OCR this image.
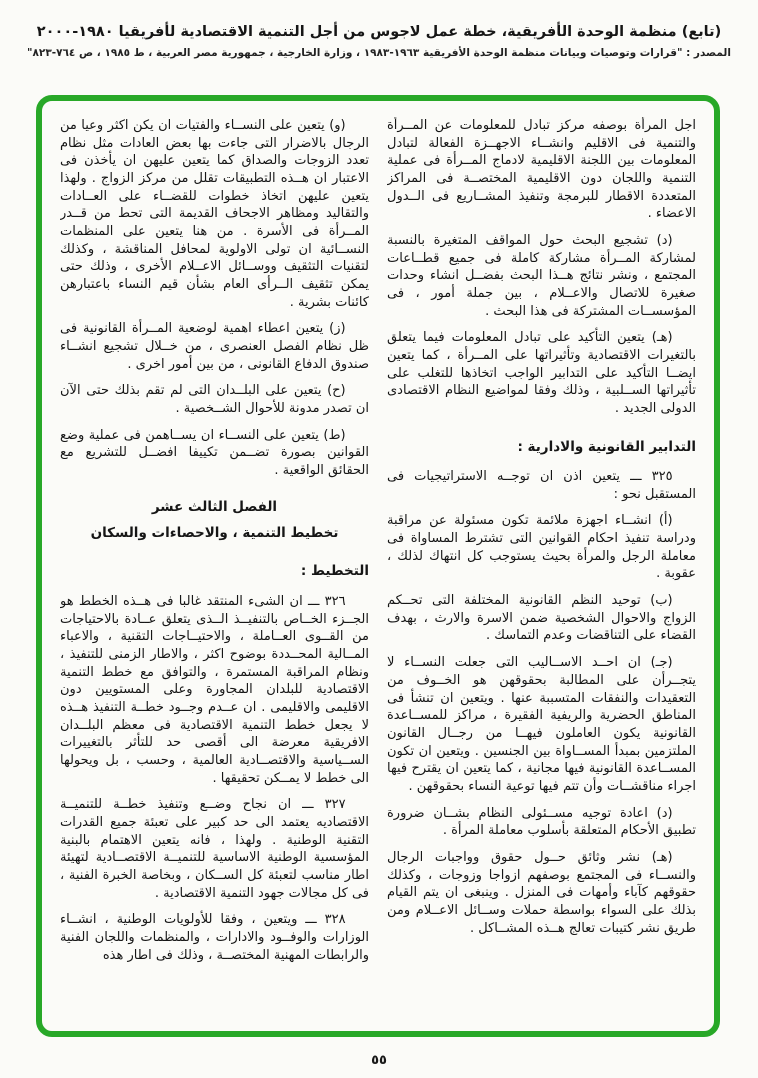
(تابع) منظمة الوحدة الأفريقية، خطة عمل لاجوس من أجل التنمية الاقتصادية لأفريقيا ١٩٨٠-٢٠٠٠
المصدر : "قرارات وتوصيات وبيانات منظمة الوحدة الأفريقية ١٩٦٣-١٩٨٣ ، وزارة الخارجية ، جمهورية مصر العربية ، ط ١٩٨٥ ، ص ٧٦٤-٨٢٣"
اجل المرأة بوصفه مركز تبادل للمعلومات عن المــرأة والتنمية فى الاقليم وانشــاء الاجهــزة الفعالة لتبادل المعلومات بين اللجنة الاقليمية لادماج المــرأة فى عملية التنمية واللجان دون الاقليمية المختصــة فى المراكز المتعددة الاقطار للبرمجة وتنفيذ المشــاريع فى الــدول الاعضاء .
(د) تشجيع البحث حول المواقف المتغيرة بالنسبة لمشاركة المــرأة مشاركة كاملة فى جميع قطــاعات المجتمع ، ونشر نتائج هــذا البحث بفضــل انشاء وحدات صغيرة للاتصال والاعــلام ، بين جملة أمور ، فى المؤسســات المشتركة فى هذا البحث .
(هـ) يتعين التأكيد على تبادل المعلومات فيما يتعلق بالتغيرات الاقتصادية وتأثيراتها على المــرأة ، كما يتعين ايضــا التأكيد على التدابير الواجب اتخاذها للتغلب على تأثيراتها الســلبية ، وذلك وفقا لمواضيع النظام الاقتصادى الدولى الجديد .
التدابير القانونية والادارية :
٣٢٥ ـــ يتعين اذن ان توجــه الاستراتيجيات فى المستقبل نحو :
(أ) انشــاء اجهزة ملائمة تكون مسئولة عن مراقبة ودراسة تنفيذ احكام القوانين التى تشترط المساواة فى معاملة الرجل والمرأة بحيث يستوجب كل انتهاك لذلك ، عقوبة .
(ب) توحيد النظم القانونية المختلفة التى تحــكم الزواج والاحوال الشخصية ضمن الاسرة والارث ، بهدف القضاء على التناقضات وعدم التماسك .
(جـ) ان احــد الاســاليب التى جعلت النســاء لا يتجــرأن على المطالبة بحقوقهن هو الخــوف من التعقيدات والنفقات المتسببة عنها . ويتعين ان تنشأ فى المناطق الحضرية والريفية الفقيرة ، مراكز للمســاعدة القانونية يكون العاملون فيهــا من رجــال القانون الملتزمين بمبدأ المســاواة بين الجنسين . ويتعين ان تكون المســاعدة القانونية فيها مجانية ، كما يتعين ان يقترح فيها اجراء مناقشــات وأن تتم فيها توعية النساء بحقوقهن .
(د) اعادة توجيه مســئولى النظام بشــان ضرورة تطبيق الأحكام المتعلقة بأسلوب معاملة المرأة .
(هـ) نشر وثائق حــول حقوق وواجبات الرجال والنســاء فى المجتمع بوصفهم ازواجا وزوجات ، وكذلك حقوقهم كآباء وأمهات فى المنزل . وينبغى ان يتم القيام بذلك على السواء بواسطة حملات وســائل الاعــلام ومن طريق نشر كتيبات تعالج هــذه المشــاكل .
(و) يتعين على النســاء والفتيات ان يكن اكثر وعيا من الرجال بالاضرار التى جاءت بها بعض العادات مثل نظام تعدد الزوجات والصداق كما يتعين عليهن ان يأخذن فى الاعتبار ان هــذه التطبيقات تقلل من مركز الزواج . ولهذا يتعين عليهن اتخاذ خطوات للقضــاء على العــادات والتقاليد ومظاهر الاجحاف القديمة التى تحط من قــدر المــرأة فى الأسرة . من هنا يتعين على المنظمات النســائية ان تولى الاولوية لمحافل المناقشة ، وكذلك لتقنيات التثقيف ووســائل الاعــلام الأخرى ، وذلك حتى يمكن تثقيف الــرأى العام بشأن قيم النساء باعتبارهن كائنات بشرية .
(ز) يتعين اعطاء اهمية لوضعية المــرأة القانونية فى ظل نظام الفصل العنصرى ، من خــلال تشجيع انشــاء صندوق الدفاع القانونى ، من بين أمور اخرى .
(ح) يتعين على البلــدان التى لم تقم بذلك حتى الآن ان تصدر مدونة للأحوال الشــخصية .
(ط) يتعين على النســاء ان يســاهمن فى عملية وضع القوانين بصورة تضــمن تكييفا افضــل للتشريع مع الحقائق الواقعية .
الفصل الثالث عشر
تخطيط التنمية ، والاحصاءات والسكان
التخطيط :
٣٢٦ ـــ ان الشىء المنتقد غالبا فى هــذه الخطط هو الجــزء الخــاص بالتنفيــذ الــذى يتعلق عــادة بالاحتياجات من القــوى العــاملة ، والاحتيــاجات التقنية ، والاعباء المــالية المحــددة بوضوح اكثر ، والاطار الزمنى للتنفيذ ، ونظام المراقبة المستمرة ، والتوافق مع خطط التنمية الاقتصادية للبلدان المجاورة وعلى المستويين دون الاقليمى والاقليمى . ان عــدم وجــود خطــة التنفيذ هــذه لا يجعل خطط التنمية الاقتصادية فى معظم البلــدان الافريقية معرضة الى أقصى حد للتأثر بالتغييرات الســياسية والاقتصــادية العالمية ، وحسب ، بل ويحولها الى خطط لا يمــكن تحقيقها .
٣٢٧ ـــ ان نجاح وضــع وتنفيذ خطــة للتنميــة الاقتصاديه يعتمد الى حد كبير على تعبئة جميع القدرات التقنية الوطنية . ولهذا ، فانه يتعين الاهتمام بالبنية المؤسسية الوطنية الاساسية للتنميــة الاقتصــادية لتهيئة اطار مناسب لتعبئة كل الســكان ، وبخاصة الخبرة الفنية ، فى كل مجالات جهود التنمية الاقتصادية .
٣٢٨ ـــ ويتعين ، وفقا للأولويات الوطنية ، انشــاء الوزارات والوفــود والادارات ، والمنظمات واللجان الفنية والرابطات المهنية المختصــة ، وذلك فى اطار هذه
٥٥
